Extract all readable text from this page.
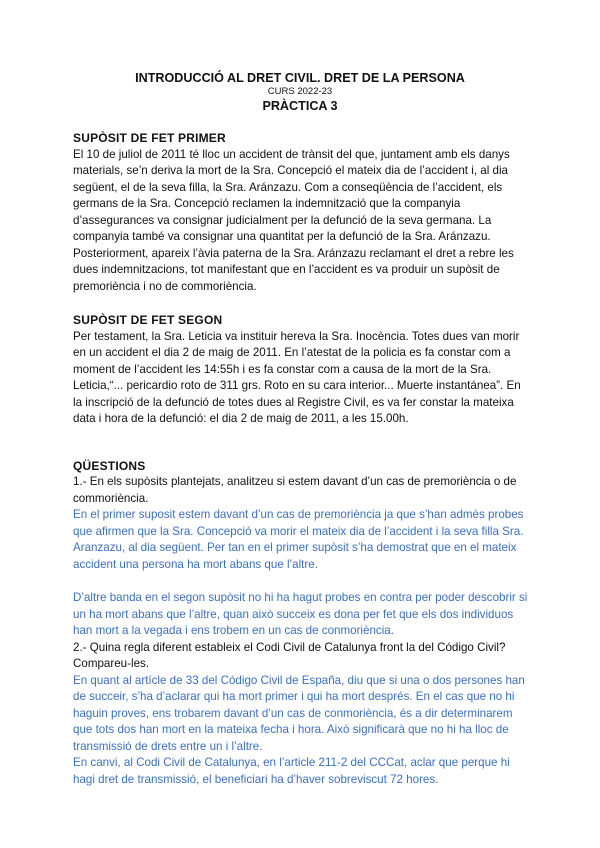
INTRODUCCIÓ AL DRET CIVIL. DRET DE LA PERSONA
CURS 2022-23
PRÀCTICA 3
SUPÒSIT DE FET PRIMER

El 10 de juliol de 2011 té lloc un accident de trànsit del que, juntament amb els danys materials, se’n deriva la mort de la Sra. Concepció el mateix dia de l’accident i, al dia següent, el de la seva filla, la Sra. Aránzazu. Com a conseqüència de l’accident, els germans de la Sra. Concepció reclamen la indemnització que la companyia d’assegurances va consignar judicialment per la defunció de la seva germana. La companyia també va consignar una quantitat per la defunció de la Sra. Aránzazu. Posteriorment, apareix l’àvia paterna de la Sra. Aránzazu reclamant el dret a rebre les dues indemnitzacions, tot manifestant que en l’accident es va produir un supòsit de premoriència i no de commoriència.

SUPÒSIT DE FET SEGON

Per testament, la Sra. Leticia va instituir hereva la Sra. Inocència. Totes dues van morir en un accident el dia 2 de maig de 2011. En l’atestat de la policia es fa constar com a moment de l’accident les 14:55h i es fa constar com a causa de la mort de la Sra. Leticia,“... pericardio roto de 311 grs. Roto en su cara interior... Muerte instantánea”. En la inscripció de la defunció de totes dues al Registre Civil, es va fer constar la mateixa data i hora de la defunció: el dia 2 de maig de 2011, a les 15.00h.

QÜESTIONS

1.- En els supòsits plantejats, analitzeu si estem davant d’un cas de premoriència o de commoriència.

En el primer suposit estem davant d’un cas de premoriència ja que s’han admès probes que afirmen que la Sra. Concepció va morir el mateix dia de l’accident i la seva filla Sra. Aranzazu, al dia següent. Per tan en el primer supòsit s’ha demostrat que en el mateix accident una persona ha mort abans que l’altre.

D’altre banda en el segon supòsit no hi ha hagut probes en contra per poder descobrir si un ha mort abans que l’altre, quan això succeix es dona per fet que els dos individuos han mort a la vegada i ens trobem en un cas de conmoriència.

2.- Quina regla diferent estableix el Codi Civil de Catalunya front la del Código Civil? Compareu-les.

En quant al artícle de 33 del Código Civil de España, diu que si una o dos persones han de succeir, s’ha d’aclarar qui ha mort primer i qui ha mort després. En el cas que no hi haguin proves, ens trobarem davant d’un cas de conmoriència, és a dir determinarem que tots dos han mort en la mateixa fecha i hora. Això significarà que no hi ha lloc de transmissió de drets entre un i l’altre.

En canvi, al Codi Civil de Catalunya, en l’article 211-2 del CCCat, aclar que perque hi hagi dret de transmissió, el beneficiari ha d’haver sobreviscut 72 hores.
